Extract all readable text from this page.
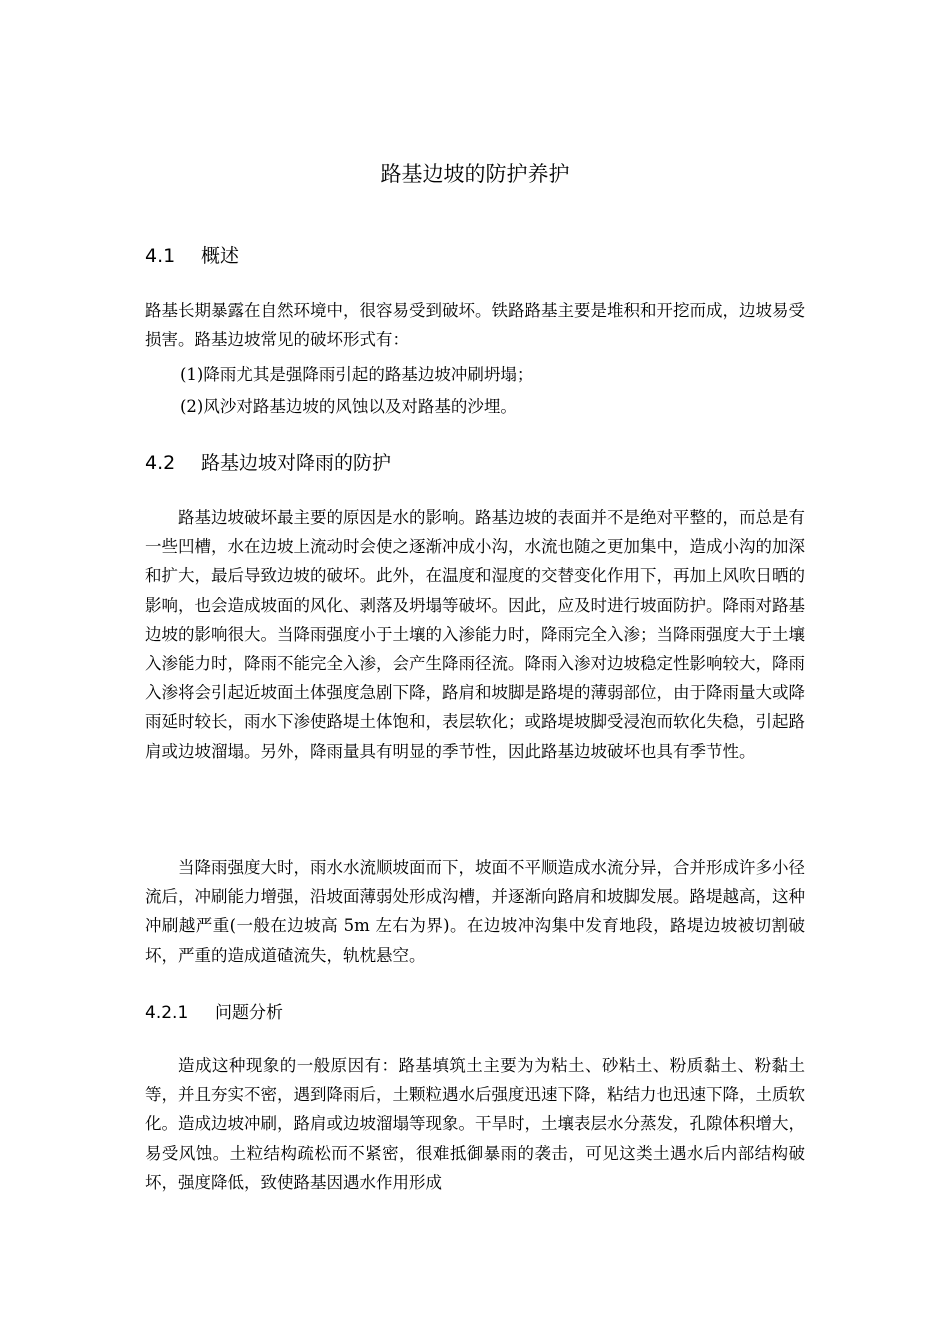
路基边坡的防护养护
4.1 概述

路基长期暴露在自然环境中，很容易受到破坏。铁路路基主要是堆积和开挖而成，边坡易受损害。路基边坡常见的破坏形式有：

(1)降雨尤其是强降雨引起的路基边坡冲刷坍塌；

(2)风沙对路基边坡的风蚀以及对路基的沙埋。

4.2 路基边坡对降雨的防护

路基边坡破坏最主要的原因是水的影响。路基边坡的表面并不是绝对平整的，而总是有一些凹槽，水在边坡上流动时会使之逐渐冲成小沟，水流也随之更加集中，造成小沟的加深和扩大，最后导致边坡的破坏。此外，在温度和湿度的交替变化作用下，再加上风吹日晒的影响，也会造成坡面的风化、剥落及坍塌等破坏。因此，应及时进行坡面防护。降雨对路基边坡的影响很大。当降雨强度小于土壤的入渗能力时，降雨完全入渗；当降雨强度大于土壤入渗能力时，降雨不能完全入渗，会产生降雨径流。降雨入渗对边坡稳定性影响较大，降雨入渗将会引起近坡面土体强度急剧下降，路肩和坡脚是路堤的薄弱部位，由于降雨量大或降雨延时较长，雨水下渗使路堤土体饱和，表层软化；或路堤坡脚受浸泡而软化失稳，引起路肩或边坡溜塌。另外，降雨量具有明显的季节性，因此路基边坡破坏也具有季节性。

当降雨强度大时，雨水水流顺坡面而下，坡面不平顺造成水流分异，合并形成许多小径流后，冲刷能力增强，沿坡面薄弱处形成沟槽，并逐渐向路肩和坡脚发展。路堤越高，这种冲刷越严重(一般在边坡高 5m 左右为界)。在边坡冲沟集中发育地段，路堤边坡被切割破坏，严重的造成道碴流失，轨枕悬空。

4.2.1 问题分析

造成这种现象的一般原因有：路基填筑土主要为为粘土、砂粘土、粉质黏土、粉黏土等，并且夯实不密，遇到降雨后，土颗粒遇水后强度迅速下降，粘结力也迅速下降，土质软化。造成边坡冲刷，路肩或边坡溜塌等现象。干旱时，土壤表层水分蒸发，孔隙体积增大，易受风蚀。土粒结构疏松而不紧密，很难抵御暴雨的袭击，可见这类土遇水后内部结构破坏，强度降低，致使路基因遇水作用形成
